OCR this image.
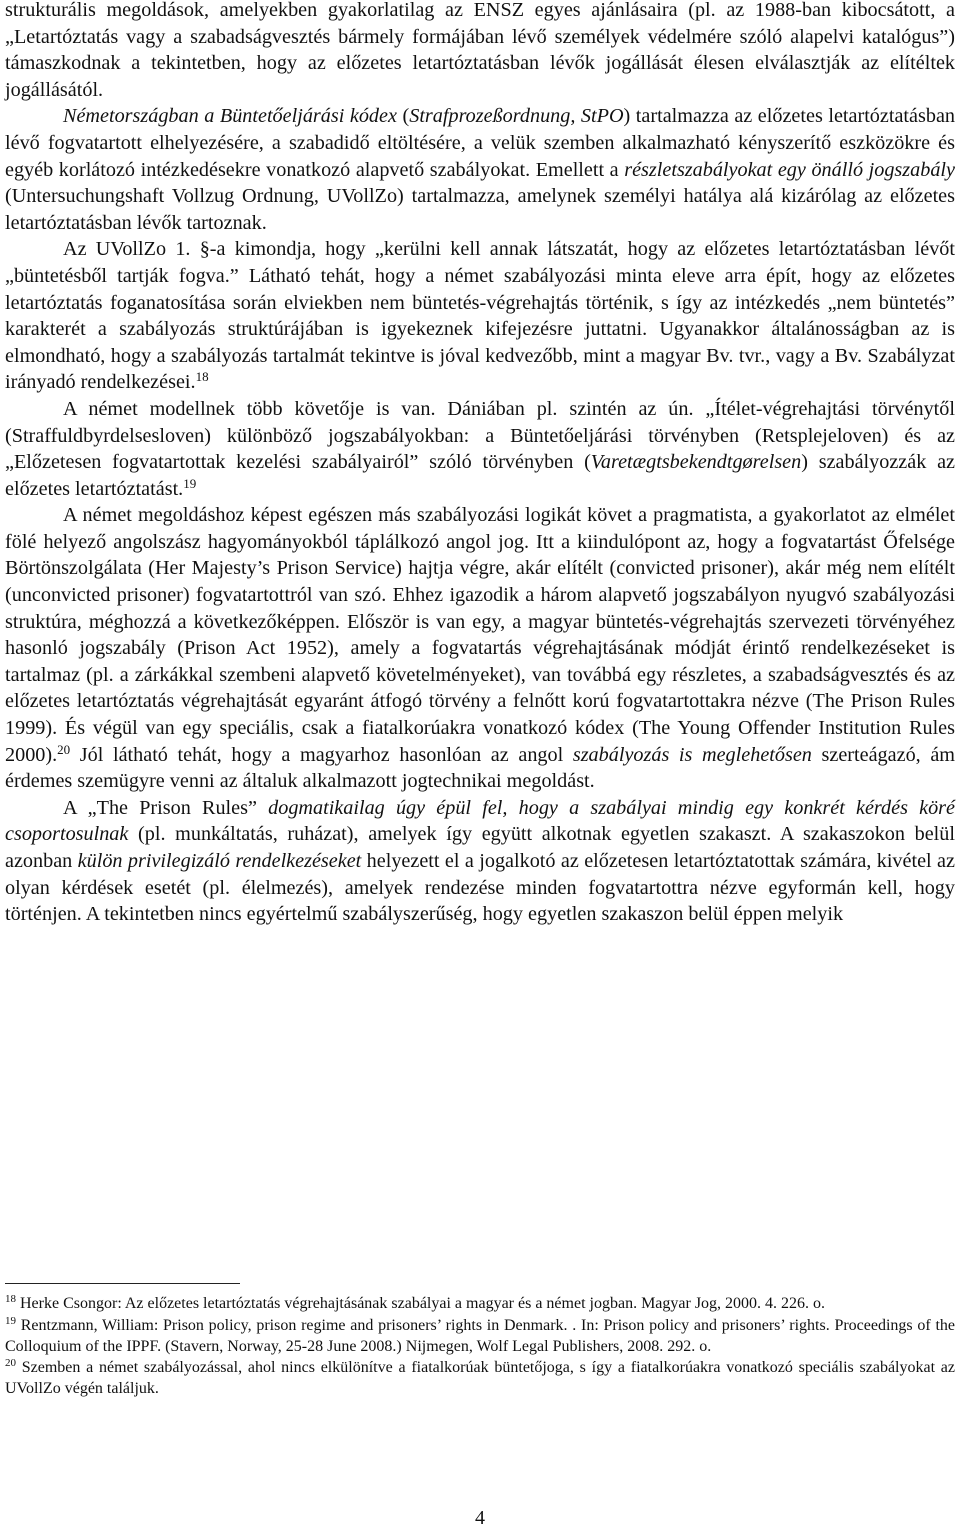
strukturális megoldások, amelyekben gyakorlatilag az ENSZ egyes ajánlásaira (pl. az 1988-ban kibocsátott, a „Letartóztatás vagy a szabadságvesztés bármely formájában lévő személyek védelmére szóló alapelvi katalógus”) támaszkodnak a tekintetben, hogy az előzetes letartóztatásban lévők jogállását élesen elválasztják az elítéltek jogállásától.

Németországban a Büntetőeljárási kódex (Strafprozeßordnung, StPO) tartalmazza az előzetes letartóztatásban lévő fogvatartott elhelyezésére, a szabadidő eltöltésére, a velük szemben alkalmazható kényszerítő eszközökre és egyéb korlátozó intézkedésekre vonatkozó alapvető szabályokat. Emellett a részletszabályokat egy önálló jogszabály (Untersuchungshaft Vollzug Ordnung, UVollZo) tartalmazza, amelynek személyi hatálya alá kizárólag az előzetes letartóztatásban lévők tartoznak.

Az UVollZo 1. §-a kimondja, hogy „kerülni kell annak látszatát, hogy az előzetes letartóztatásban lévőt „büntetésből tartják fogva.” Látható tehát, hogy a német szabályozási minta eleve arra épít, hogy az előzetes letartóztatás foganatosítása során elviekben nem büntetés-végrehajtás történik, s így az intézkedés „nem büntetés” karakterét a szabályozás struktúrájában is igyekeznek kifejezésre juttatni. Ugyanakkor általánosságban az is elmondható, hogy a szabályozás tartalmát tekintve is jóval kedvezőbb, mint a magyar Bv. tvr., vagy a Bv. Szabályzat irányadó rendelkezései.$^{18}$

A német modellnek több követője is van. Dániában pl. szintén az ún. „Ítélet-végrehajtási törvénytől (Straffuldbyrdelsesloven) különböző jogszabályokban: a Büntetőeljárási törvényben (Retsplejeloven) és az „Előzetesen fogvatartottak kezelési szabályairól” szóló törvényben (Varetægtsbekendtgørelsen) szabályozzák az előzetes letartóztatást.$^{19}$

A német megoldáshoz képest egészen más szabályozási logikát követ a pragmatista, a gyakorlatot az elmélet fölé helyező angolszász hagyományokból táplálkozó angol jog. Itt a kiindulópont az, hogy a fogvatartást Őfelsége Börtönszolgálata (Her Majesty’s Prison Service) hajtja végre, akár elítélt (convicted prisoner), akár még nem elítélt (unconvicted prisoner) fogvatartottról van szó. Ehhez igazodik a három alapvető jogszabályon nyugvó szabályozási struktúra, méghozzá a következőképpen. Először is van egy, a magyar büntetés-végrehajtás szervezeti törvényéhez hasonló jogszabály (Prison Act 1952), amely a fogvatartás végrehajtásának módját érintő rendelkezéseket is tartalmaz (pl. a zárkákkal szembeni alapvető követelményeket), van továbbá egy részletes, a szabadságvesztés és az előzetes letartóztatás végrehajtását egyaránt átfogó törvény a felnőtt korú fogvatartottakra nézve (The Prison Rules 1999). És végül van egy speciális, csak a fiatalkorúakra vonatkozó kódex (The Young Offender Institution Rules 2000).$^{20}$ Jól látható tehát, hogy a magyarhoz hasonlóan az angol szabályozás is meglehetősen szerteágazó, ám érdemes szemügyre venni az általuk alkalmazott jogtechnikai megoldást.

A „The Prison Rules” dogmatikailag úgy épül fel, hogy a szabályai mindig egy konkrét kérdés köré csoportosulnak (pl. munkáltatás, ruházat), amelyek így együtt alkotnak egyetlen szakaszt. A szakaszokon belül azonban külön privilegizáló rendelkezéseket helyezett el a jogalkotó az előzetesen letartóztatottak számára, kivétel az olyan kérdések esetét (pl. élelmezés), amelyek rendezése minden fogvatartottra nézve egyformán kell, hogy történjen. A tekintetben nincs egyértelmű szabályszerűség, hogy egyetlen szakaszon belül éppen melyik

$^{18}$ Herke Csongor: Az előzetes letartóztatás végrehajtásának szabályai a magyar és a német jogban. Magyar Jog, 2000. 4. 226. o.

$^{19}$ Rentzmann, William: Prison policy, prison regime and prisoners’ rights in Denmark. . In: Prison policy and prisoners’ rights. Proceedings of the Colloquium of the IPPF. (Stavern, Norway, 25-28 June 2008.) Nijmegen, Wolf Legal Publishers, 2008. 292. o.

$^{20}$ Szemben a német szabályozással, ahol nincs elkülönítve a fiatalkorúak büntetőjoga, s így a fiatalkorúakra vonatkozó speciális szabályokat az UVollZo végén találjuk.

4
